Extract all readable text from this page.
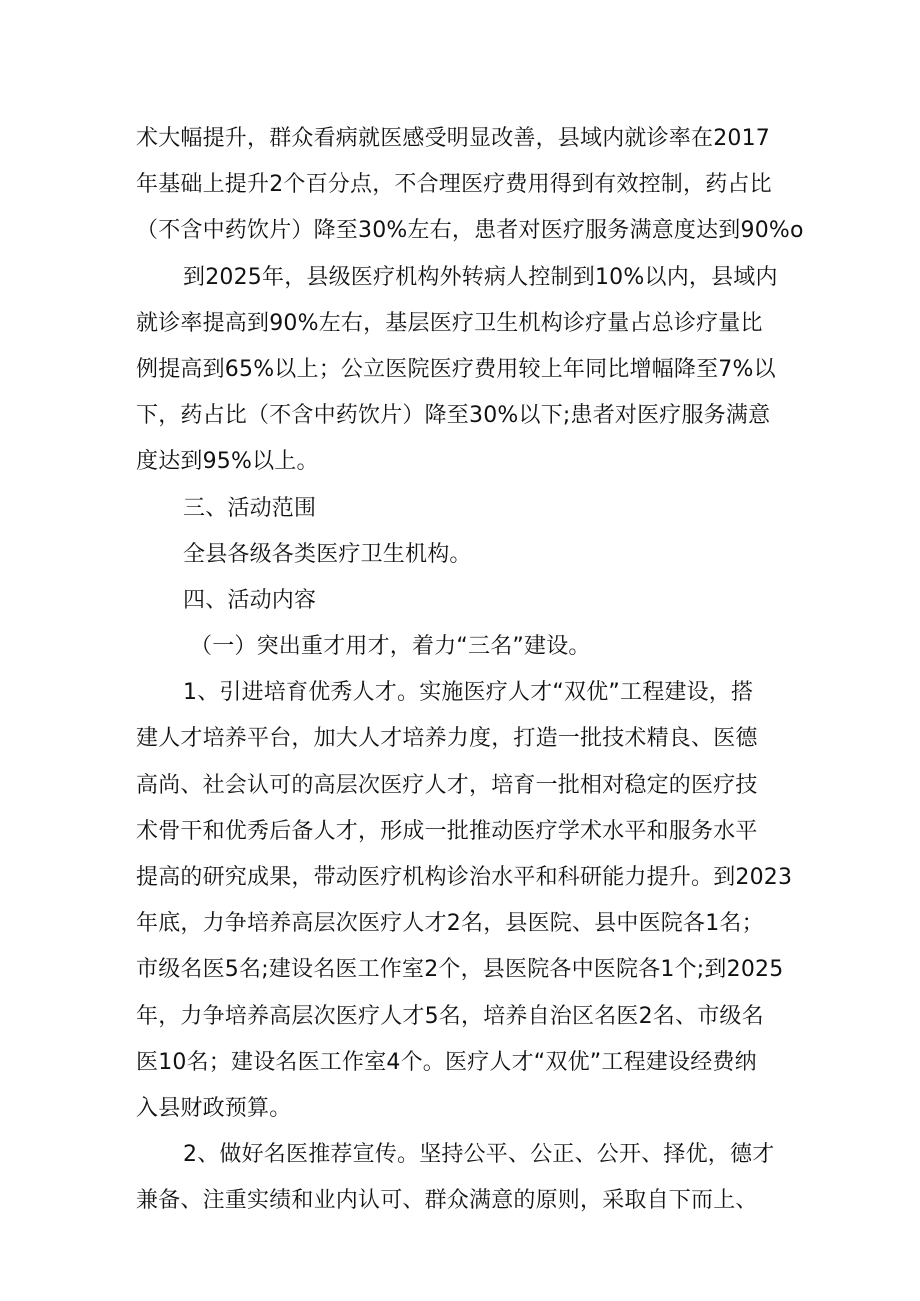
术大幅提升，群众看病就医感受明显改善，县域内就诊率在2017
年基础上提升2个百分点，不合理医疗费用得到有效控制，药占比
（不含中药饮片）降至30%左右，患者对医疗服务满意度达到90%o
到2025年，县级医疗机构外转病人控制到10%以内，县域内
就诊率提高到90%左右，基层医疗卫生机构诊疗量占总诊疗量比
例提高到65%以上；公立医院医疗费用较上年同比增幅降至7%以
下，药占比（不含中药饮片）降至30%以下;患者对医疗服务满意
度达到95%以上。
三、活动范围
全县各级各类医疗卫生机构。
四、活动内容
（一）突出重才用才，着力“三名”建设。
1、引进培育优秀人才。实施医疗人才“双优”工程建设，搭
建人才培养平台，加大人才培养力度，打造一批技术精良、医德
高尚、社会认可的高层次医疗人才，培育一批相对稳定的医疗技
术骨干和优秀后备人才，形成一批推动医疗学术水平和服务水平
提高的研究成果，带动医疗机构诊治水平和科研能力提升。到2023
年底，力争培养高层次医疗人才2名，县医院、县中医院各1名；
市级名医5名;建设名医工作室2个，县医院各中医院各1个;到2025
年，力争培养高层次医疗人才5名，培养自治区名医2名、市级名
医10名；建设名医工作室4个。医疗人才“双优”工程建设经费纳
入县财政预算。
2、做好名医推荐宣传。坚持公平、公正、公开、择优，德才
兼备、注重实绩和业内认可、群众满意的原则，采取自下而上、
